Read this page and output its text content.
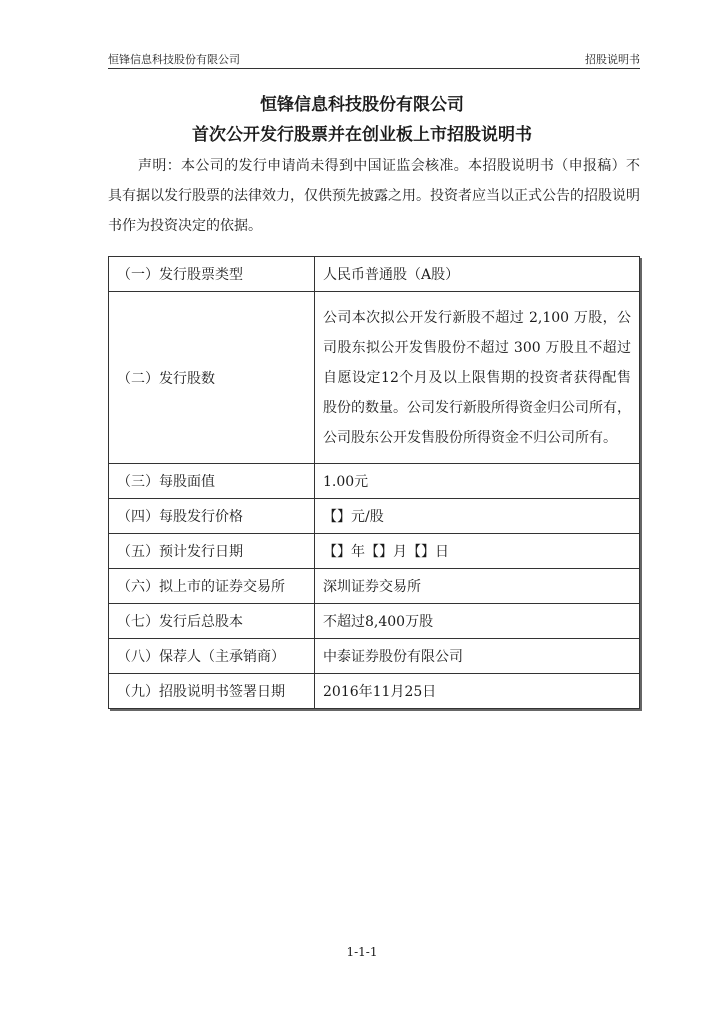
恒锋信息科技股份有限公司	招股说明书
恒锋信息科技股份有限公司
首次公开发行股票并在创业板上市招股说明书
声明：本公司的发行申请尚未得到中国证监会核准。本招股说明书（申报稿）不具有据以发行股票的法律效力，仅供预先披露之用。投资者应当以正式公告的招股说明书作为投资决定的依据。
（一）发行股票类型	人民币普通股（A股）
（二）发行股数	公司本次拟公开发行新股不超过 2,100 万股，公司股东拟公开发售股份不超过 300 万股且不超过自愿设定12个月及以上限售期的投资者获得配售股份的数量。公司发行新股所得资金归公司所有，公司股东公开发售股份所得资金不归公司所有。
（三）每股面值	1.00元
（四）每股发行价格	【】元/股
（五）预计发行日期	【】年【】月【】日
（六）拟上市的证券交易所	深圳证券交易所
（七）发行后总股本	不超过8,400万股
（八）保荐人（主承销商）	中泰证券股份有限公司
（九）招股说明书签署日期	2016年11月25日
1-1-1
